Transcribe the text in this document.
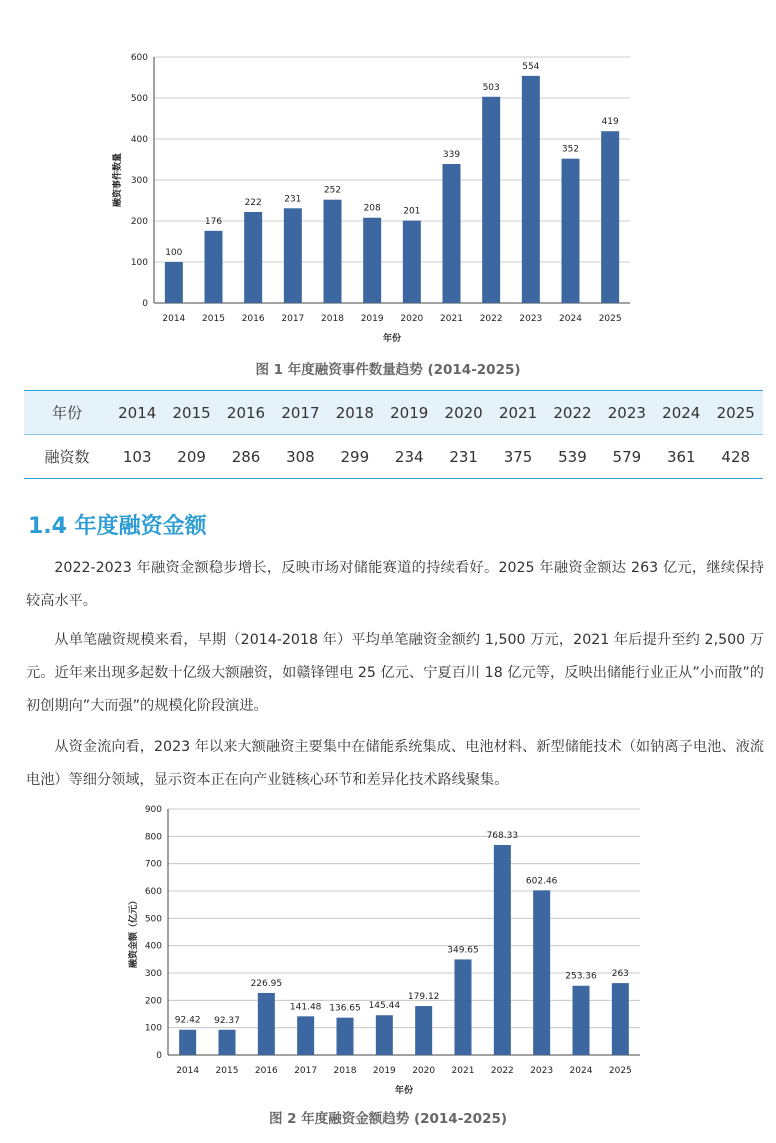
0
100
200
300
400
500
600
100
2014
176
2015
222
2016
231
2017
252
2018
208
2019
201
2020
339
2021
503
2022
554
2023
352
2024
419
2025
年份
融资事件数量
图 1 年度融资事件数量趋势 (2014-2025)
年份	2014	2015	2016	2017	2018	2019	2020	2021	2022	2023	2024	2025
融资数	103	209	286	308	299	234	231	375	539	579	361	428
1.4 年度融资金额

2022-2023 年融资金额稳步增长，反映市场对储能赛道的持续看好。2025 年融资金额达 263 亿元，继续保持较高水平。

从单笔融资规模来看，早期（2014-2018 年）平均单笔融资金额约 1,500 万元，2021 年后提升至约 2,500 万元。近年来出现多起数十亿级大额融资，如赣锋锂电 25 亿元、宁夏百川 18 亿元等，反映出储能行业正从”小而散”的初创期向”大而强”的规模化阶段演进。

从资金流向看，2023 年以来大额融资主要集中在储能系统集成、电池材料、新型储能技术（如钠离子电池、液流电池）等细分领域，显示资本正在向产业链核心环节和差异化技术路线聚集。

0
100
200
300
400
500
600
700
800
900
92.42
2014
92.37
2015
226.95
2016
141.48
2017
136.65
2018
145.44
2019
179.12
2020
349.65
2021
768.33
2022
602.46
2023
253.36
2024
263
2025
年份
融资金额（亿元）
图 2 年度融资金额趋势 (2014-2025)
